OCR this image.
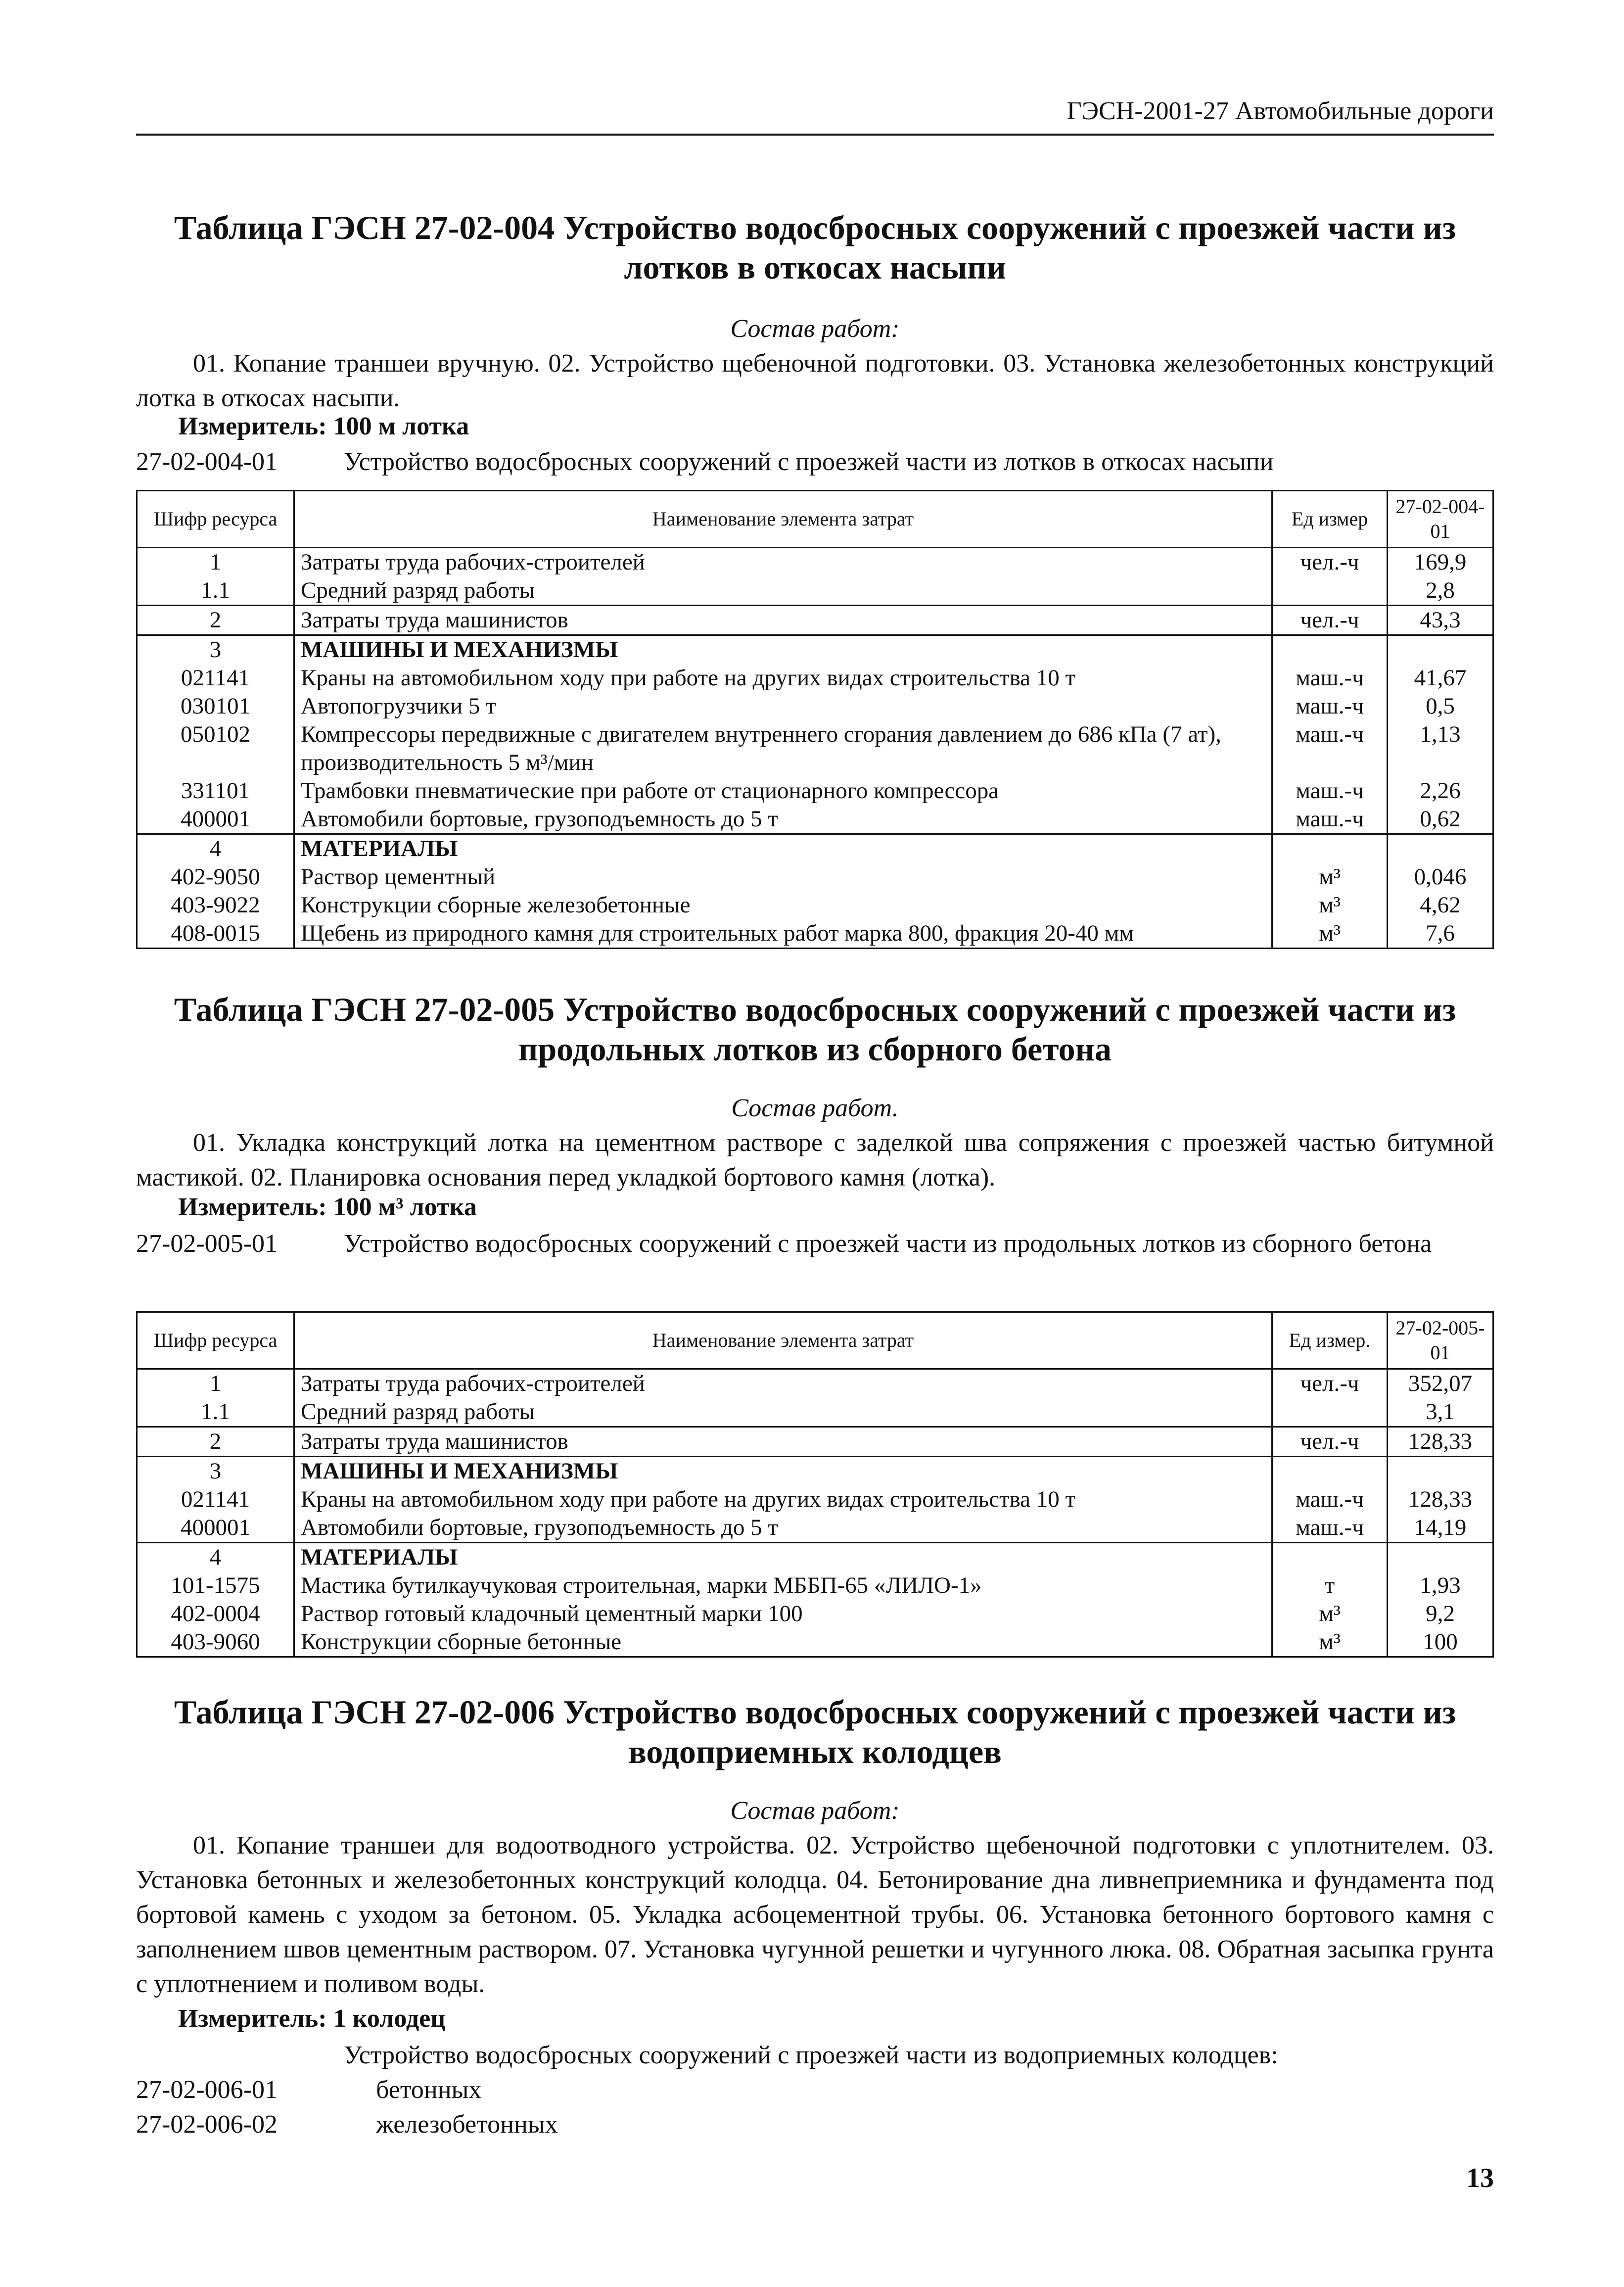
ГЭСН-2001-27 Автомобильные дороги
Таблица ГЭСН 27-02-004 Устройство водосбросных сооружений с проезжей части из лотков в откосах насыпи
Состав работ:
01. Копание траншеи вручную. 02. Устройство щебеночной подготовки. 03. Установка железобетонных конструкций лотка в откосах насыпи.
Измеритель: 100 м лотка
27-02-004-01	Устройство водосбросных сооружений с проезжей части из лотков в откосах насыпи
Шифр ресурса	Наименование элемента затрат	Ед измер	27-02-004-01
1	Затраты труда рабочих-строителей	чел.-ч	169,9
1.1	Средний разряд работы		2,8
2	Затраты труда машинистов	чел.-ч	43,3
3	МАШИНЫ И МЕХАНИЗМЫ		
021141	Краны на автомобильном ходу при работе на других видах строительства 10 т	маш.-ч	41,67
030101	Автопогрузчики 5 т	маш.-ч	0,5
050102	Компрессоры передвижные с двигателем внутреннего сгорания давлением до 686 кПа (7 ат), производительность 5 м³/мин	маш.-ч	1,13
331101	Трамбовки пневматические при работе от стационарного компрессора	маш.-ч	2,26
400001	Автомобили бортовые, грузоподъемность до 5 т	маш.-ч	0,62
4	МАТЕРИАЛЫ		
402-9050	Раствор цементный	м³	0,046
403-9022	Конструкции сборные железобетонные	м³	4,62
408-0015	Щебень из природного камня для строительных работ марка 800, фракция 20-40 мм	м³	7,6
Таблица ГЭСН 27-02-005 Устройство водосбросных сооружений с проезжей части из продольных лотков из сборного бетона
Состав работ.
01. Укладка конструкций лотка на цементном растворе с заделкой шва сопряжения с проезжей частью битумной мастикой. 02. Планировка основания перед укладкой бортового камня (лотка).
Измеритель: 100 м³ лотка
27-02-005-01	Устройство водосбросных сооружений с проезжей части из продольных лотков из сборного бетона
Шифр ресурса	Наименование элемента затрат	Ед измер.	27-02-005-01
1	Затраты труда рабочих-строителей	чел.-ч	352,07
1.1	Средний разряд работы		3,1
2	Затраты труда машинистов	чел.-ч	128,33
3	МАШИНЫ И МЕХАНИЗМЫ		
021141	Краны на автомобильном ходу при работе на других видах строительства 10 т	маш.-ч	128,33
400001	Автомобили бортовые, грузоподъемность до 5 т	маш.-ч	14,19
4	МАТЕРИАЛЫ		
101-1575	Мастика бутилкаучуковая строительная, марки МББП-65 «ЛИЛО-1»	т	1,93
402-0004	Раствор готовый кладочный цементный марки 100	м³	9,2
403-9060	Конструкции сборные бетонные	м³	100
Таблица ГЭСН 27-02-006 Устройство водосбросных сооружений с проезжей части из водоприемных колодцев
Состав работ:
01. Копание траншеи для водоотводного устройства. 02. Устройство щебеночной подготовки с уплотнителем. 03. Установка бетонных и железобетонных конструкций колодца. 04. Бетонирование дна ливнеприемника и фундамента под бортовой камень с уходом за бетоном. 05. Укладка асбоцементной трубы. 06. Установка бетонного бортового камня с заполнением швов цементным раствором. 07. Установка чугунной решетки и чугунного люка. 08. Обратная засыпка грунта с уплотнением и поливом воды.
Измеритель: 1 колодец
Устройство водосбросных сооружений с проезжей части из водоприемных колодцев:
27-02-006-01	бетонных
27-02-006-02	железобетонных
13
